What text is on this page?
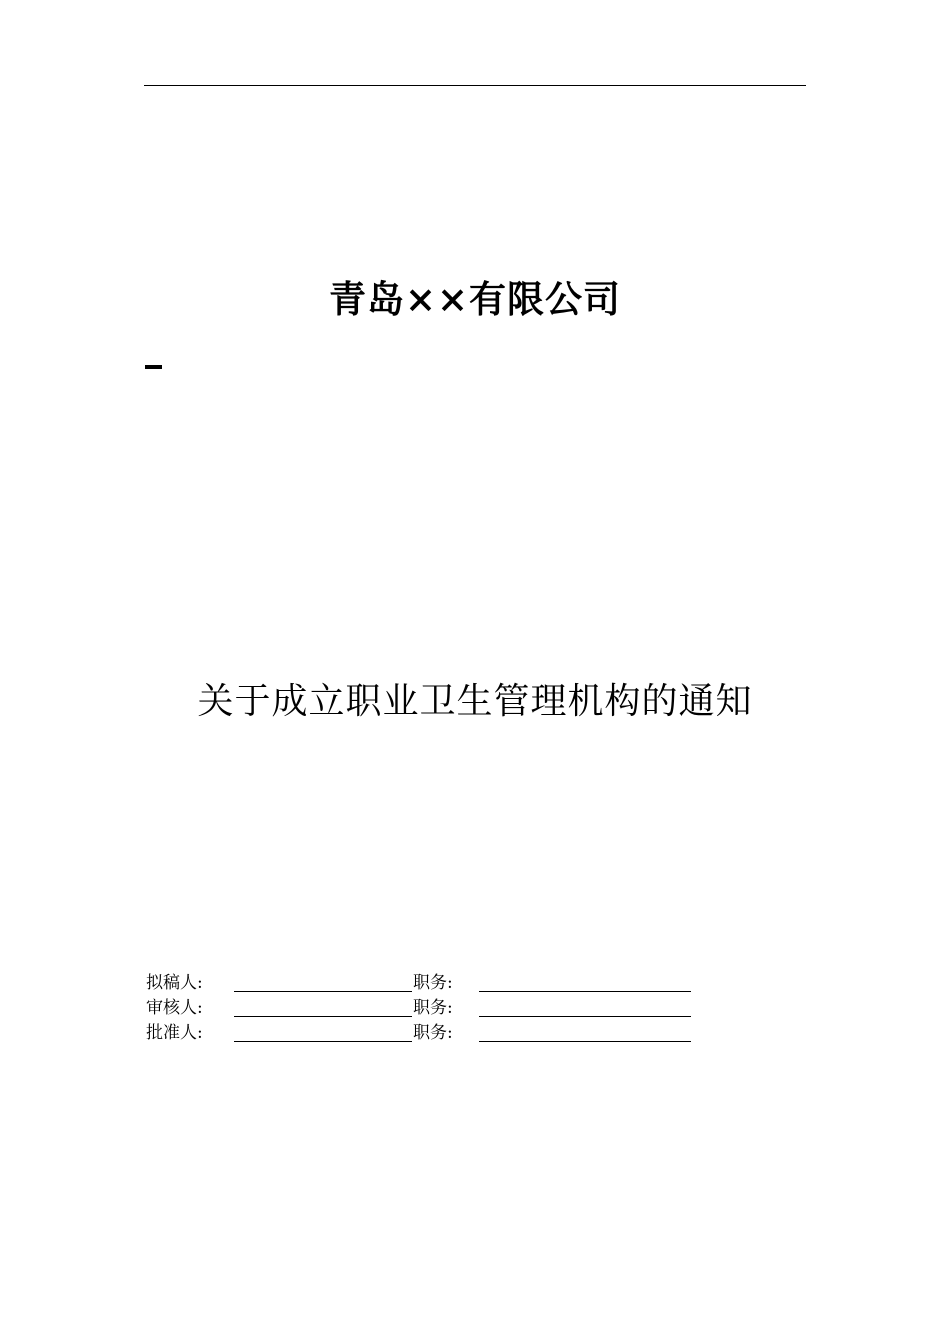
青岛××有限公司
关于成立职业卫生管理机构的通知
拟稿人:	职务:
审核人:	职务:
批准人:	职务:
